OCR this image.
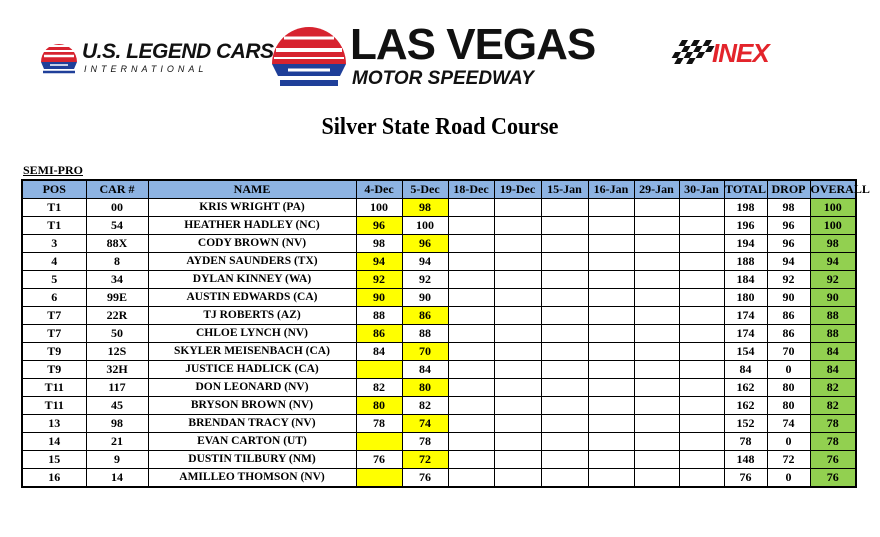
U.S. LEGEND CARS
INTERNATIONAL	LAS VEGAS
MOTOR SPEEDWAY
INEX
Silver State Road Course
SEMI-PRO
POS	CAR #	NAME	4-Dec	5-Dec	18-Dec	19-Dec	15-Jan	16-Jan	29-Jan	30-Jan	TOTAL	DROP	OVERALL
T1	00	KRIS WRIGHT (PA)	100	98							198	98	100
T1	54	HEATHER HADLEY (NC)	96	100							196	96	100
3	88X	CODY BROWN (NV)	98	96							194	96	98
4	8	AYDEN SAUNDERS (TX)	94	94							188	94	94
5	34	DYLAN KINNEY (WA)	92	92							184	92	92
6	99E	AUSTIN EDWARDS (CA)	90	90							180	90	90
T7	22R	TJ ROBERTS (AZ)	88	86							174	86	88
T7	50	CHLOE LYNCH (NV)	86	88							174	86	88
T9	12S	SKYLER MEISENBACH (CA)	84	70							154	70	84
T9	32H	JUSTICE HADLICK (CA)		84							84	0	84
T11	117	DON LEONARD (NV)	82	80							162	80	82
T11	45	BRYSON BROWN (NV)	80	82							162	80	82
13	98	BRENDAN TRACY (NV)	78	74							152	74	78
14	21	EVAN CARTON (UT)		78							78	0	78
15	9	DUSTIN TILBURY (NM)	76	72							148	72	76
16	14	AMILLEO THOMSON (NV)		76							76	0	76
